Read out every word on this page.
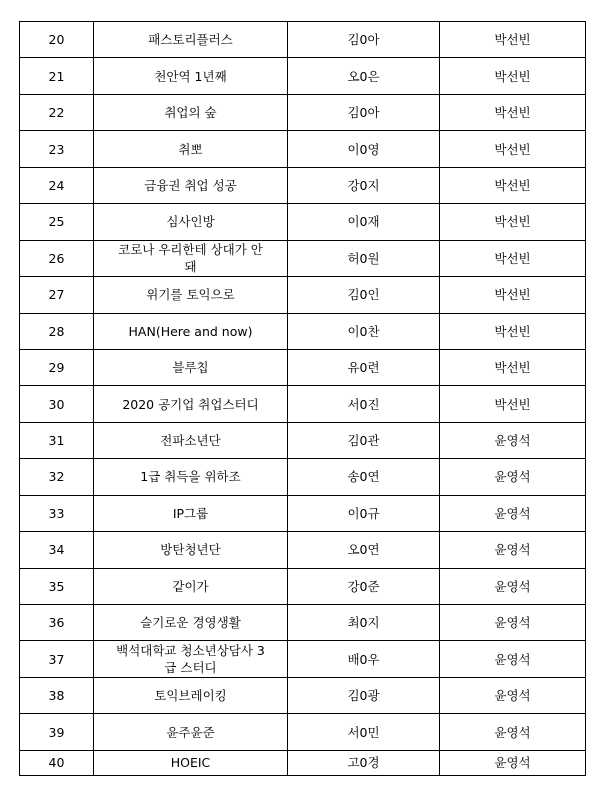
20	패스토리플러스	김0아	박선빈
21	천안역 1년째	오0은	박선빈
22	취업의 숲	김0아	박선빈
23	취뽀	이0영	박선빈
24	금융권 취업 성공	강0지	박선빈
25	심사인방	이0재	박선빈
26	코로나 우리한테 상대가 안돼	허0원	박선빈
27	위기를 토익으로	김0인	박선빈
28	HAN(Here and now)	이0찬	박선빈
29	블루칩	유0련	박선빈
30	2020 공기업 취업스터디	서0진	박선빈
31	전파소년단	김0관	윤영석
32	1급 취득을 위하조	송0연	윤영석
33	IP그룹	이0규	윤영석
34	방탄청년단	오0연	윤영석
35	같이가	강0준	윤영석
36	슬기로운 경영생활	최0지	윤영석
37	백석대학교 청소년상담사 3급 스터디	배0우	윤영석
38	토익브레이킹	김0광	윤영석
39	윤주윤준	서0민	윤영석
40	HOEIC	고0경	윤영석
